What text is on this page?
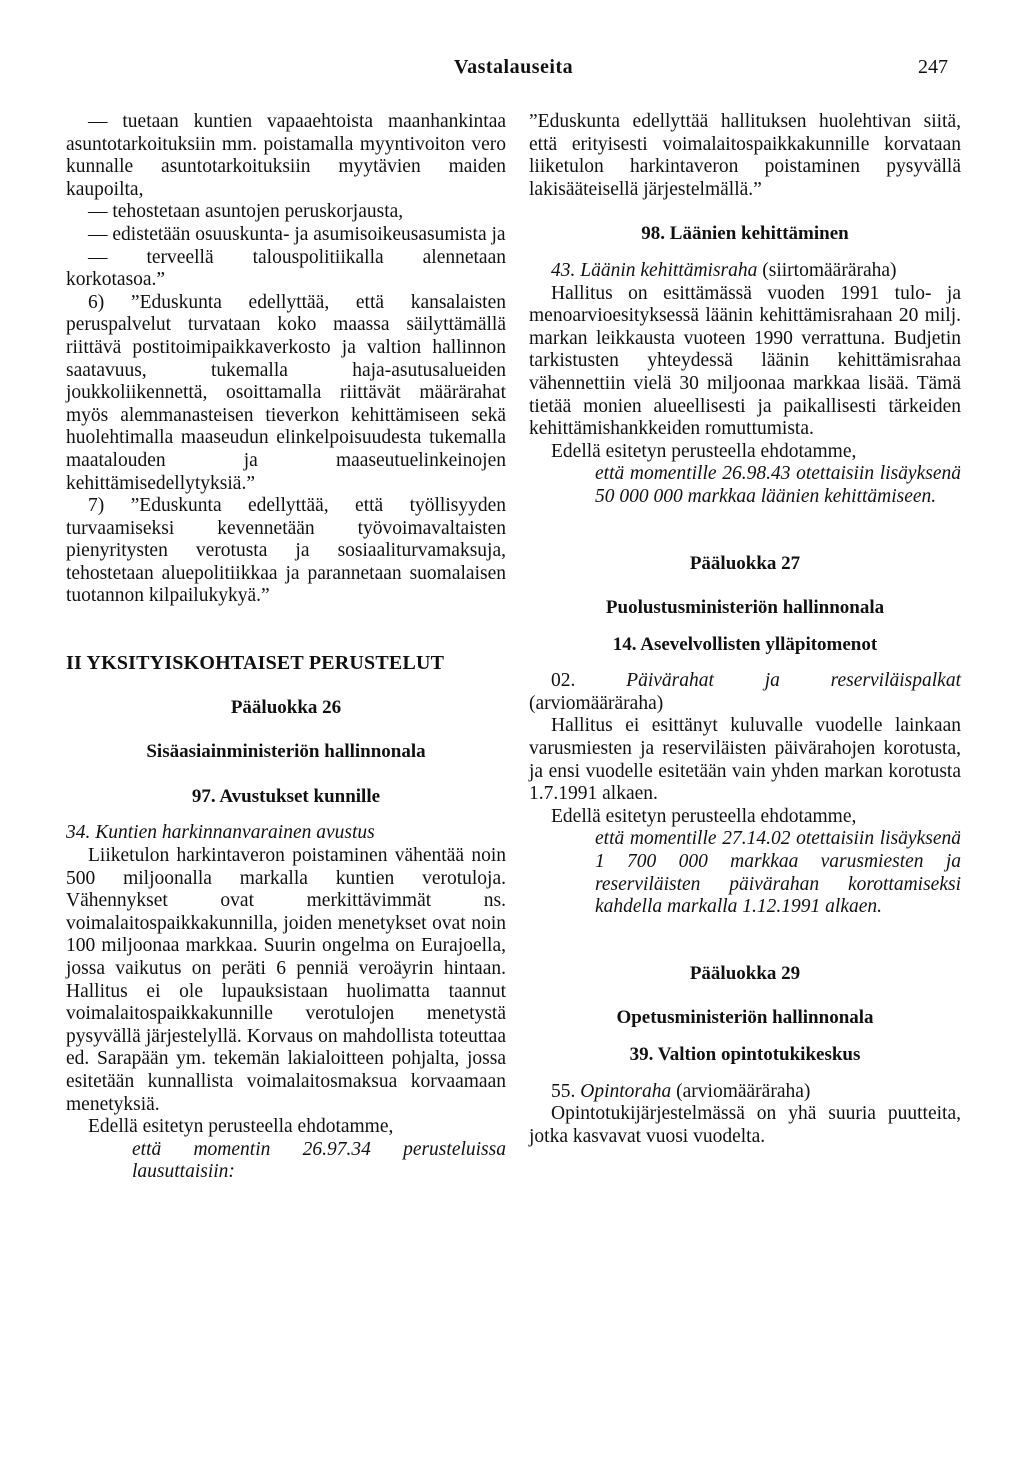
Vastalauseita	247

— tuetaan kuntien vapaaehtoista maanhankintaa asuntotarkoituksiin mm. poistamalla myyntivoiton vero kunnalle asuntotarkoituksiin myytävien maiden kaupoilta,

— tehostetaan asuntojen peruskorjausta,

— edistetään osuuskunta- ja asumisoikeusasumista ja

— terveellä talouspolitiikalla alennetaan korkotasoa.”

6) ”Eduskunta edellyttää, että kansalaisten peruspalvelut turvataan koko maassa säilyttämällä riittävä postitoimipaikkaverkosto ja valtion hallinnon saatavuus, tukemalla haja-asutusalueiden joukkoliikennettä, osoittamalla riittävät määrärahat myös alemmanasteisen tieverkon kehittämiseen sekä huolehtimalla maaseudun elinkelpoisuudesta tukemalla maatalouden ja maaseutuelinkeinojen kehittämisedellytyksiä.”

7) ”Eduskunta edellyttää, että työllisyyden turvaamiseksi kevennetään työvoimavaltaisten pienyritysten verotusta ja sosiaaliturvamaksuja, tehostetaan aluepolitiikkaa ja parannetaan suomalaisen tuotannon kilpailukykyä.”

II YKSITYISKOHTAISET PERUSTELUT

Pääluokka 26

Sisäasiainministeriön hallinnonala

97. Avustukset kunnille

34. Kuntien harkinnanvarainen avustus

Liiketulon harkintaveron poistaminen vähentää noin 500 miljoonalla markalla kuntien verotuloja. Vähennykset ovat merkittävimmät ns. voimalaitospaikkakunnilla, joiden menetykset ovat noin 100 miljoonaa markkaa. Suurin ongelma on Eurajoella, jossa vaikutus on peräti 6 penniä veroäyrin hintaan. Hallitus ei ole lupauksistaan huolimatta taannut voimalaitospaikkakunnille verotulojen menetystä pysyvällä järjestelyllä. Korvaus on mahdollista toteuttaa ed. Sarapään ym. tekemän lakialoitteen pohjalta, jossa esitetään kunnallista voimalaitosmaksua korvaamaan menetyksiä.

Edellä esitetyn perusteella ehdotamme,

että momentin 26.97.34 perusteluissa lausuttaisiin:

”Eduskunta edellyttää hallituksen huolehtivan siitä, että erityisesti voimalaitospaikkakunnille korvataan liiketulon harkintaveron poistaminen pysyvällä lakisääteisellä järjestelmällä.”

98. Läänien kehittäminen

43. Läänin kehittämisraha (siirtomääräraha)

Hallitus on esittämässä vuoden 1991 tulo- ja menoarvioesityksessä läänin kehittämisrahaan 20 milj. markan leikkausta vuoteen 1990 verrattuna. Budjetin tarkistusten yhteydessä läänin kehittämisrahaa vähennettiin vielä 30 miljoonaa markkaa lisää. Tämä tietää monien alueellisesti ja paikallisesti tärkeiden kehittämishankkeiden romuttumista.

Edellä esitetyn perusteella ehdotamme,

että momentille 26.98.43 otettaisiin lisäyksenä 50 000 000 markkaa läänien kehittämiseen.

Pääluokka 27

Puolustusministeriön hallinnonala

14. Asevelvollisten ylläpitomenot

02.	Päivärahat ja reserviläispalkat (arviomääräraha)

Hallitus ei esittänyt kuluvalle vuodelle lainkaan varusmiesten ja reserviläisten päivärahojen korotusta, ja ensi vuodelle esitetään vain yhden markan korotusta 1.7.1991 alkaen.

Edellä esitetyn perusteella ehdotamme,

että momentille 27.14.02 otettaisiin lisäyksenä 1 700 000 markkaa varusmiesten ja reserviläisten päivärahan korottamiseksi kahdella markalla 1.12.1991 alkaen.

Pääluokka 29

Opetusministeriön hallinnonala

39. Valtion opintotukikeskus

55. Opintoraha (arviomääräraha)

Opintotukijärjestelmässä on yhä suuria puutteita, jotka kasvavat vuosi vuodelta.
